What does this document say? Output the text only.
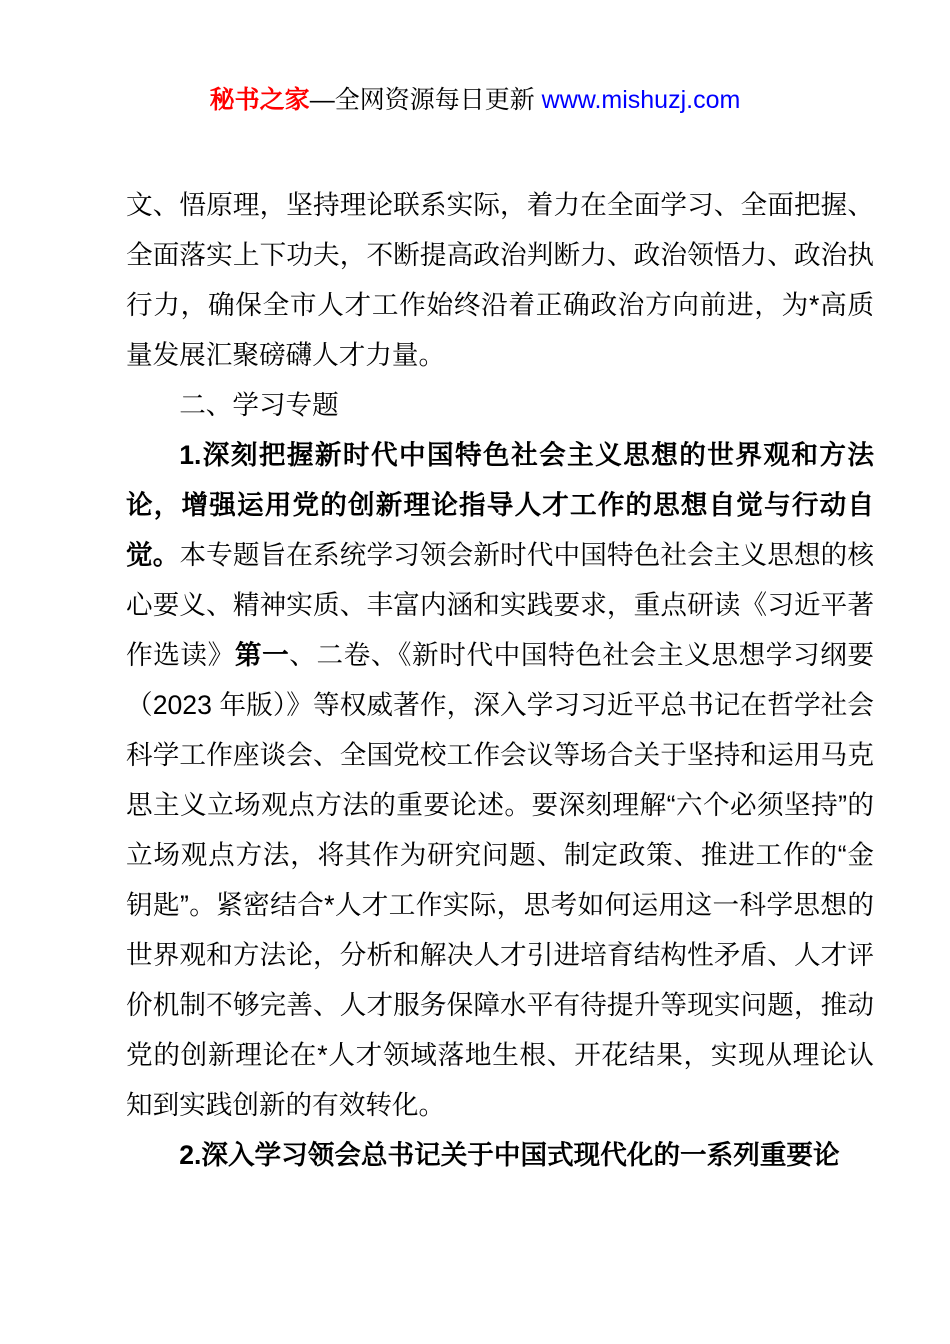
秘书之家—全网资源每日更新 www.mishuzj.com

文、悟原理，坚持理论联系实际，着力在全面学习、全面把握、全面落实上下功夫，不断提高政治判断力、政治领悟力、政治执行力，确保全市人才工作始终沿着正确政治方向前进，为*高质量发展汇聚磅礴人才力量。

二、学习专题

1.深刻把握新时代中国特色社会主义思想的世界观和方法论，增强运用党的创新理论指导人才工作的思想自觉与行动自觉。本专题旨在系统学习领会新时代中国特色社会主义思想的核心要义、精神实质、丰富内涵和实践要求，重点研读《习近平著作选读》第一、二卷、《新时代中国特色社会主义思想学习纲要（2023 年版）》等权威著作，深入学习习近平总书记在哲学社会科学工作座谈会、全国党校工作会议等场合关于坚持和运用马克思主义立场观点方法的重要论述。要深刻理解“六个必须坚持”的立场观点方法，将其作为研究问题、制定政策、推进工作的“金钥匙”。紧密结合*人才工作实际，思考如何运用这一科学思想的世界观和方法论，分析和解决人才引进培育结构性矛盾、人才评价机制不够完善、人才服务保障水平有待提升等现实问题，推动党的创新理论在*人才领域落地生根、开花结果，实现从理论认知到实践创新的有效转化。

2.深入学习领会总书记关于中国式现代化的一系列重要论
